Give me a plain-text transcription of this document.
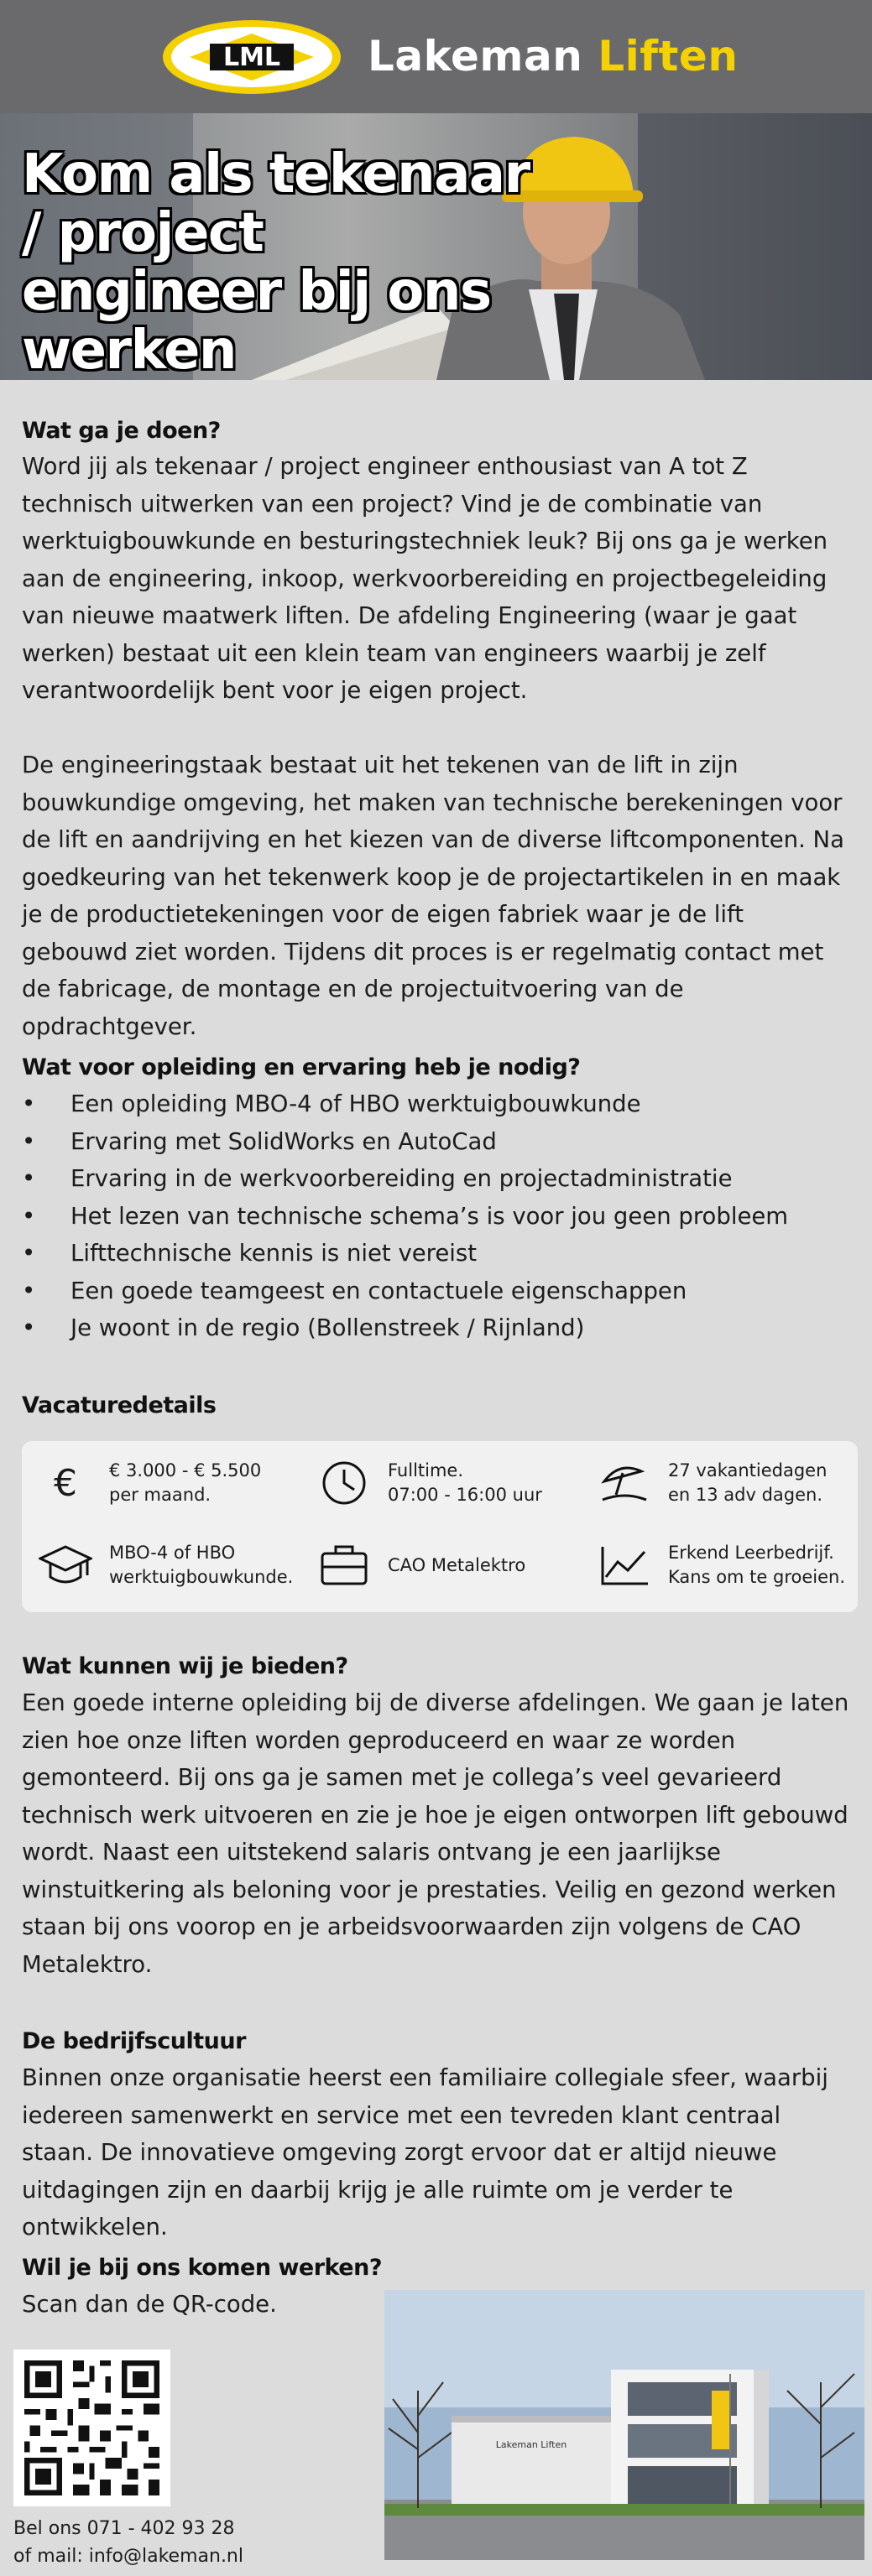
LML Lakeman Liften
Kom als tekenaar / project engineer bij ons werken
Wat ga je doen?

Word jij als tekenaar / project engineer enthousiast van A tot Z technisch uitwerken van een project? Vind je de combinatie van werktuigbouwkunde en besturingstechniek leuk? Bij ons ga je werken aan de engineering, inkoop, werkvoorbereiding en projectbegeleiding van nieuwe maatwerk liften. De afdeling Engineering (waar je gaat werken) bestaat uit een klein team van engineers waarbij je zelf verantwoordelijk bent voor je eigen project.

De engineeringstaak bestaat uit het tekenen van de lift in zijn bouwkundige omgeving, het maken van technische berekeningen voor de lift en aandrijving en het kiezen van de diverse liftcomponenten. Na goedkeuring van het tekenwerk koop je de projectartikelen in en maak je de productietekeningen voor de eigen fabriek waar je de lift gebouwd ziet worden. Tijdens dit proces is er regelmatig contact met de fabricage, de montage en de projectuitvoering van de opdrachtgever.

Wat voor opleiding en ervaring heb je nodig?
• Een opleiding MBO-4 of HBO werktuigbouwkunde
• Ervaring met SolidWorks en AutoCad
• Ervaring in de werkvoorbereiding en projectadministratie
• Het lezen van technische schema’s is voor jou geen probleem
• Lifttechnische kennis is niet vereist
• Een goede teamgeest en contactuele eigenschappen
• Je woont in de regio (Bollenstreek / Rijnland)
Vacaturedetails
€ € 3.000 - € 5.500
per maand.
Fulltime.
07:00 - 16:00 uur
27 vakantiedagen
en 13 adv dagen.
MBO-4 of HBO
werktuigbouwkunde.
CAO Metalektro
Erkend Leerbedrijf.
Kans om te groeien.
Wat kunnen wij je bieden?

Een goede interne opleiding bij de diverse afdelingen. We gaan je laten zien hoe onze liften worden geproduceerd en waar ze worden gemonteerd. Bij ons ga je samen met je collega’s veel gevarieerd technisch werk uitvoeren en zie je hoe je eigen ontworpen lift gebouwd wordt. Naast een uitstekend salaris ontvang je een jaarlijkse winstuitkering als beloning voor je prestaties. Veilig en gezond werken staan bij ons voorop en je arbeidsvoorwaarden zijn volgens de CAO Metalektro.

De bedrijfscultuur

Binnen onze organisatie heerst een familiaire collegiale sfeer, waarbij iedereen samenwerkt en service met een tevreden klant centraal staan. De innovatieve omgeving zorgt ervoor dat er altijd nieuwe uitdagingen zijn en daarbij krijg je alle ruimte om je verder te ontwikkelen.

Wil je bij ons komen werken?

Scan dan de QR-code.

Bel ons 071 - 402 93 28
of mail: info@lakeman.nl
Lakeman Liften
